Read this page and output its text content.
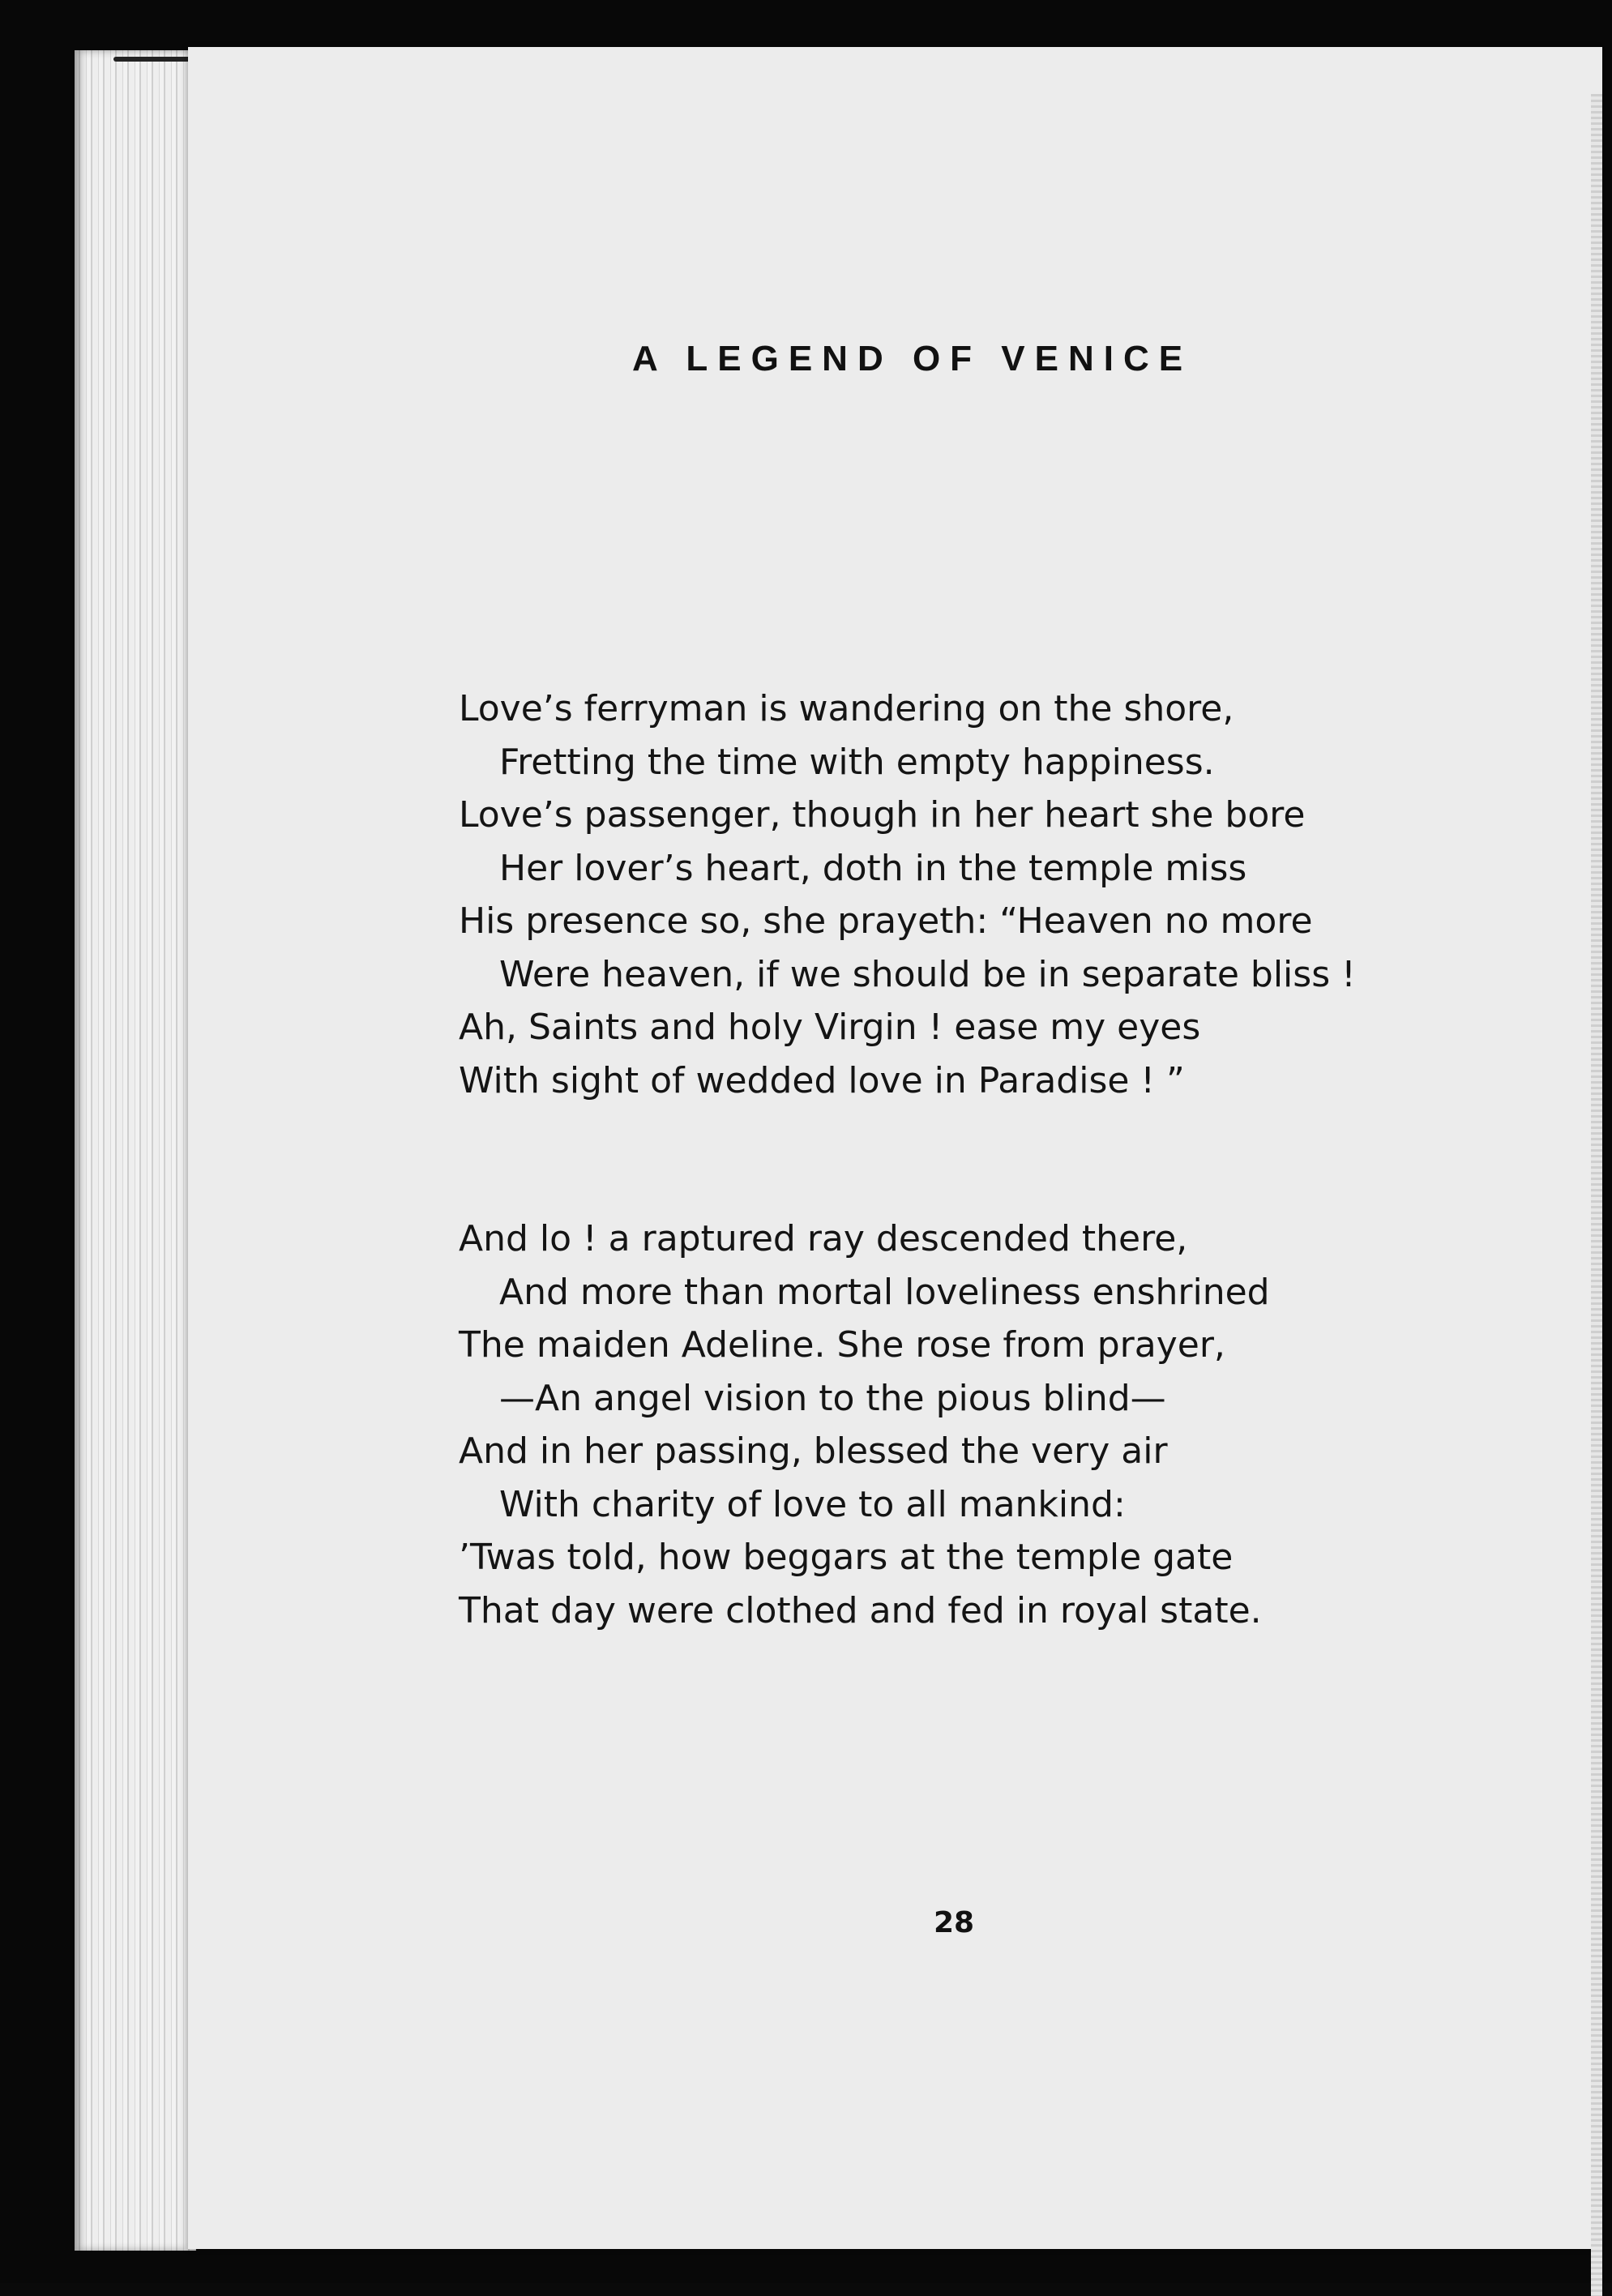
A LEGEND OF VENICE
Love’s ferryman is wandering on the shore,
Fretting the time with empty happiness.
Love’s passenger, though in her heart she bore
Her lover’s heart, doth in the temple miss
His presence so, she prayeth: “Heaven no more
Were heaven, if we should be in separate bliss !
Ah, Saints and holy Virgin ! ease my eyes
With sight of wedded love in Paradise ! ”
And lo ! a raptured ray descended there,
And more than mortal loveliness enshrined
The maiden Adeline. She rose from prayer,
—An angel vision to the pious blind—
And in her passing, blessed the very air
With charity of love to all mankind:
’Twas told, how beggars at the temple gate
That day were clothed and fed in royal state.
28
